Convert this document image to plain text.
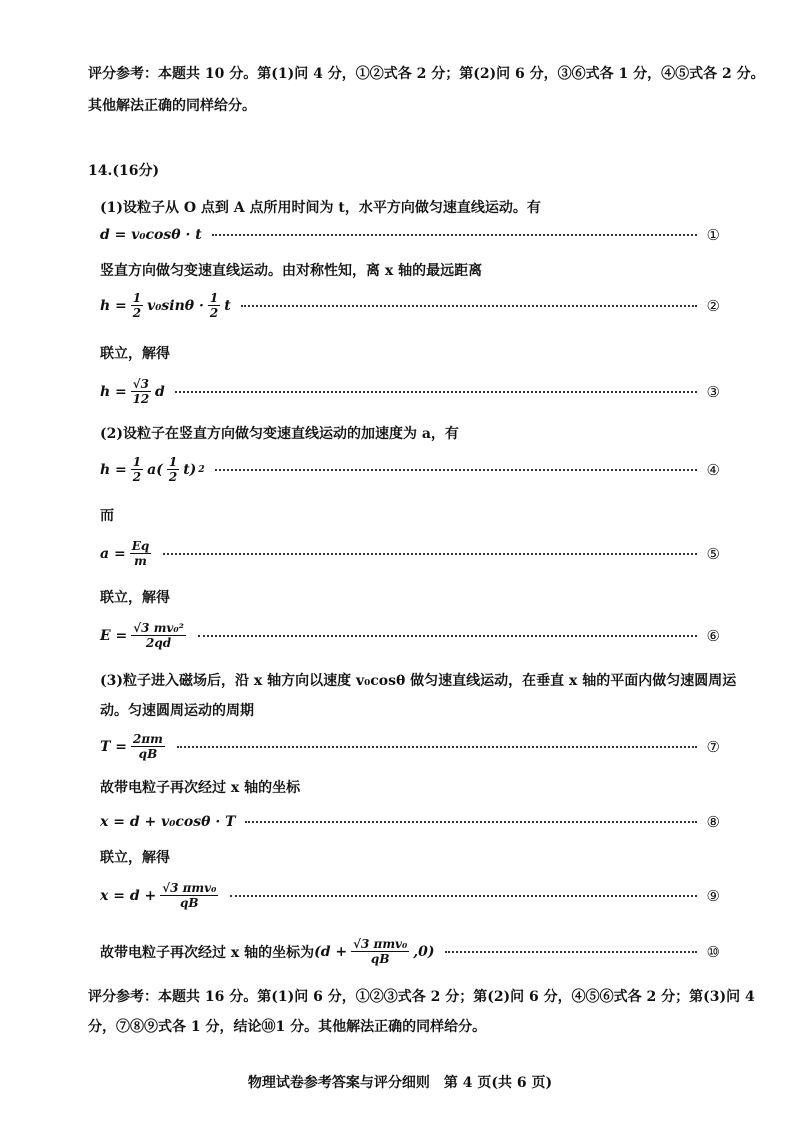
评分参考：本题共 10 分。第(1)问 4 分，①②式各 2 分；第(2)问 6 分，③⑥式各 1 分，④⑤式各 2 分。
其他解法正确的同样给分。
14.(16分)
(1)设粒子从 O 点到 A 点所用时间为 t，水平方向做匀速直线运动。有
d = v₀cosθ · t	①
竖直方向做匀变速直线运动。由对称性知，离 x 轴的最远距离
$h = \frac{1}{2} v_0\sin\theta \cdot \frac{1}{2}$ t	②
联立，解得
$h = \frac{√3}{12}$ d	③
(2)设粒子在竖直方向做匀变速直线运动的加速度为 a，有
$h = \frac{1}{2} a( \frac{1}{2} t)$ 2	④
而
$a = \frac{Eq}{m}$	⑤
联立，解得
$E = \frac{\text{√3 mv₀²}}{2qd}$	⑥
(3)粒子进入磁场后，沿 x 轴方向以速度 v₀cosθ 做匀速直线运动，在垂直 x 轴的平面内做匀速圆周运
动。匀速圆周运动的周期
$T = \frac{2\pi m}{qB}$	⑦
故带电粒子再次经过 x 轴的坐标
x = d + v₀cosθ · T	⑧
联立，解得
x = d + √3 πmv₀
qB	⑨
故带电粒子再次经过 x 轴的坐标为 (d + √3 πmv₀
qB ,0)	⑩
评分参考：本题共 16 分。第(1)问 6 分，①②③式各 2 分；第(2)问 6 分，④⑤⑥式各 2 分；第(3)问 4
分，⑦⑧⑨式各 1 分，结论⑩1 分。其他解法正确的同样给分。
物理试卷参考答案与评分细则　第 4 页(共 6 页)
